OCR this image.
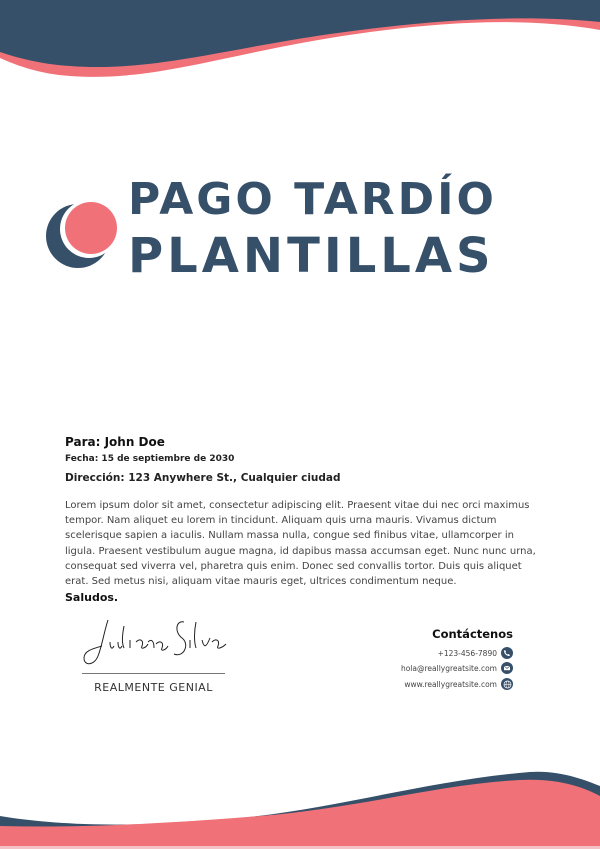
PAGO TARDÍO
PLANTILLAS
Para: John Doe
Fecha: 15 de septiembre de 2030
Dirección: 123 Anywhere St., Cualquier ciudad
Lorem ipsum dolor sit amet, consectetur adipiscing elit. Praesent vitae dui nec orci maximus tempor. Nam aliquet eu lorem in tincidunt. Aliquam quis urna mauris. Vivamus dictum scelerisque sapien a iaculis. Nullam massa nulla, congue sed finibus vitae, ullamcorper in ligula. Praesent vestibulum augue magna, id dapibus massa accumsan eget. Nunc nunc urna, consequat sed viverra vel, pharetra quis enim. Donec sed convallis tortor. Duis quis aliquet erat. Sed metus nisi, aliquam vitae mauris eget, ultrices condimentum neque.
Saludos.
REALMENTE GENIAL
Contáctenos
+123-456-7890
hola@reallygreatsite.com
www.reallygreatsite.com
